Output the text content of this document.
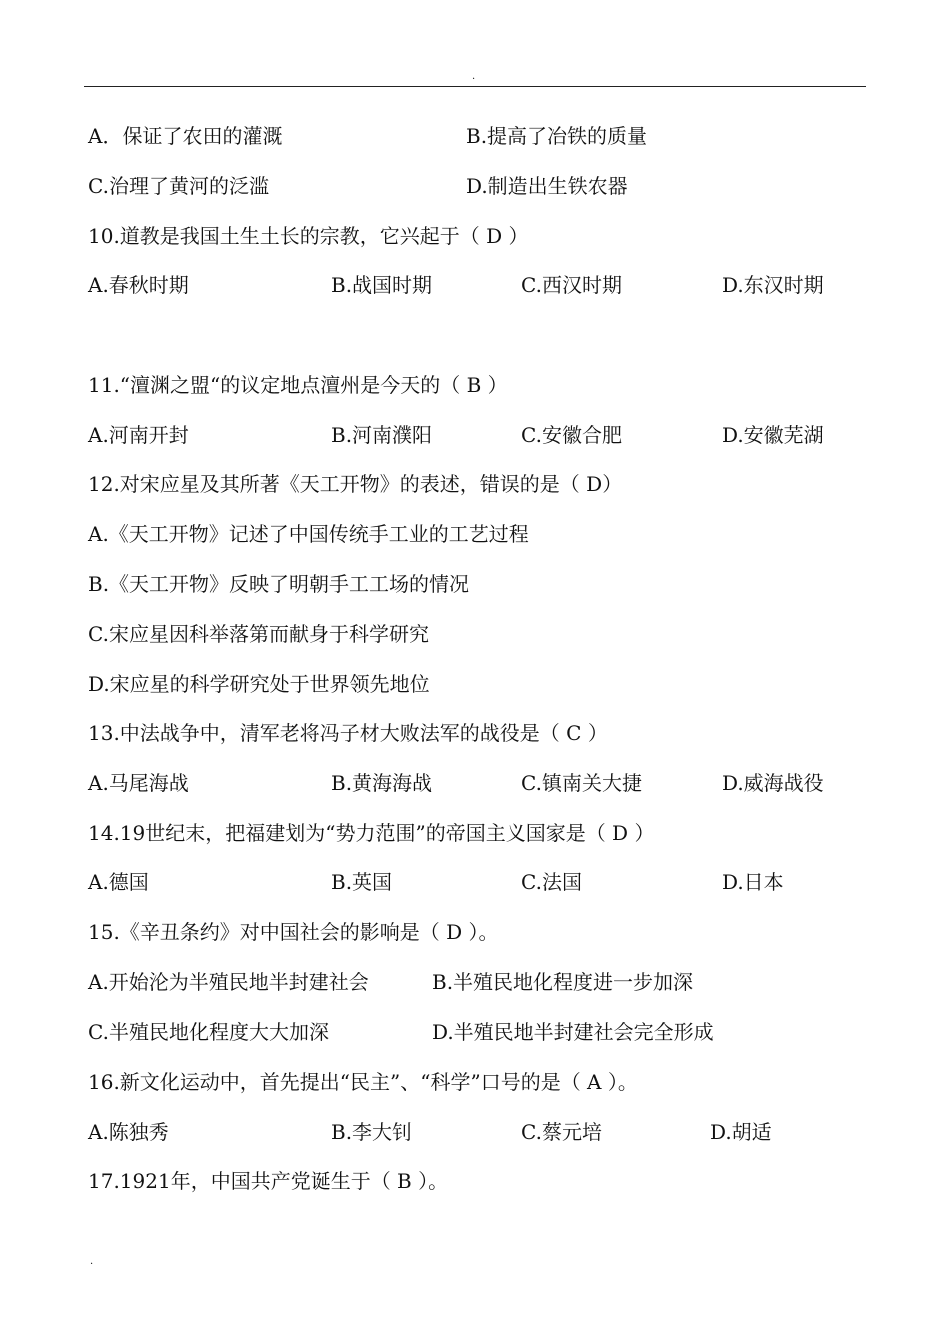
.
A．保证了农田的灌溉	B.提高了冶铁的质量
C.治理了黄河的泛滥	D.制造出生铁农器
10.道教是我国土生土长的宗教，它兴起于（ D ）
A.春秋时期	B.战国时期	C.西汉时期	D.东汉时期
11.“澶渊之盟“的议定地点澶州是今天的（ B ）
A.河南开封	B.河南濮阳	C.安徽合肥	D.安徽芜湖
12.对宋应星及其所著《天工开物》的表述，错误的是（ D）
A.《天工开物》记述了中国传统手工业的工艺过程
B.《天工开物》反映了明朝手工工场的情况
C.宋应星因科举落第而献身于科学研究
D.宋应星的科学研究处于世界领先地位
13.中法战争中，清军老将冯子材大败法军的战役是（ C ）
A.马尾海战	B.黄海海战	C.镇南关大捷	D.威海战役
14.19世纪末，把福建划为“势力范围”的帝国主义国家是（ D ）
A.德国	B.英国	C.法国	D.日本
15.《辛丑条约》对中国社会的影响是（ D ）。
A.开始沦为半殖民地半封建社会	B.半殖民地化程度进一步加深
C.半殖民地化程度大大加深	D.半殖民地半封建社会完全形成
16.新文化运动中，首先提出“民主”、“科学”口号的是（ A ）。
A.陈独秀	B.李大钊	C.蔡元培	D.胡适
17.1921年，中国共产党诞生于（ B ）。
.
